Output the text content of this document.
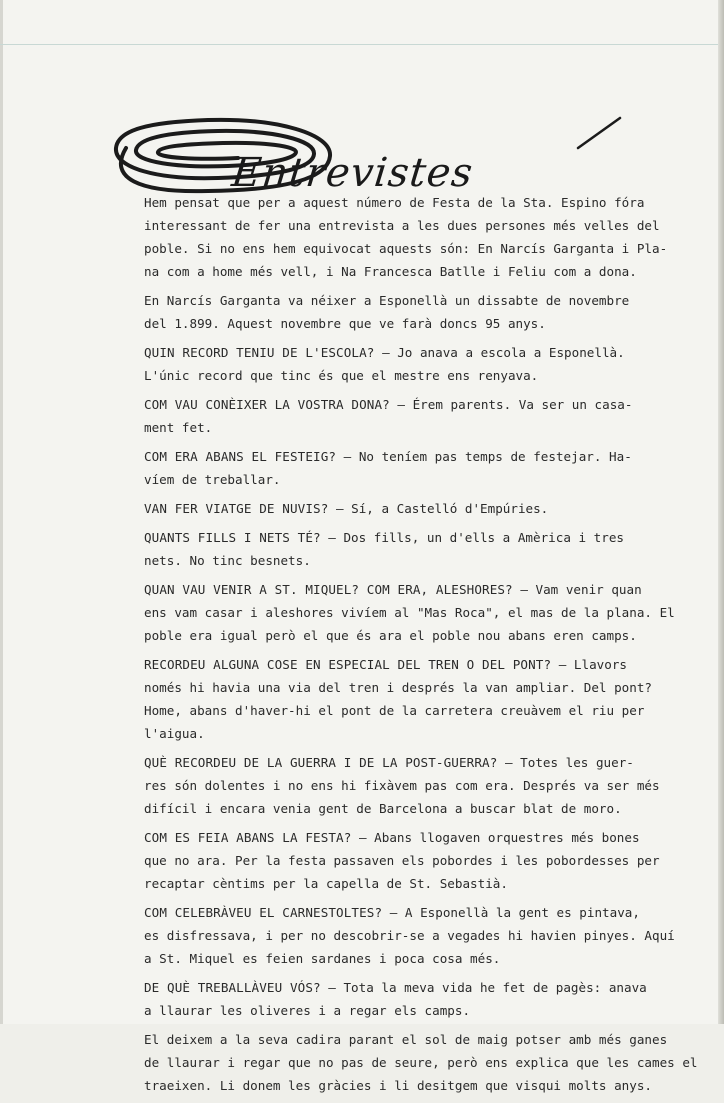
Entrevistes

Hem pensat que per a aquest número de Festa de la Sta. Espino fóra
interessant de fer una entrevista a les dues persones més velles del
poble. Si no ens hem equivocat aquests són: En Narcís Garganta i Pla-
na com a home més vell, i Na Francesca Batlle i Feliu com a dona.

En Narcís Garganta va néixer a Esponellà un dissabte de novembre
del 1.899. Aquest novembre que ve farà doncs 95 anys.

QUIN RECORD TENIU DE L'ESCOLA? — Jo anava a escola a Esponellà.
L'únic record que tinc és que el mestre ens renyava.

COM VAU CONÈIXER LA VOSTRA DONA? — Érem parents. Va ser un casa-
ment fet.

COM ERA ABANS EL FESTEIG? — No teníem pas temps de festejar. Ha-
víem de treballar.

VAN FER VIATGE DE NUVIS? — Sí, a Castelló d'Empúries.

QUANTS FILLS I NETS TÉ? — Dos fills, un d'ells a Amèrica i tres
nets. No tinc besnets.

QUAN VAU VENIR A ST. MIQUEL? COM ERA, ALESHORES? — Vam venir quan
ens vam casar i aleshores vivíem al "Mas Roca", el mas de la plana. El
poble era igual però el que és ara el poble nou abans eren camps.

RECORDEU ALGUNA COSE EN ESPECIAL DEL TREN O DEL PONT? — Llavors
només hi havia una via del tren i després la van ampliar. Del pont?
Home, abans d'haver-hi el pont de la carretera creuàvem el riu per
l'aigua.

QUÈ RECORDEU DE LA GUERRA I DE LA POST-GUERRA? — Totes les guer-
res són dolentes i no ens hi fixàvem pas com era. Després va ser més
difícil i encara venia gent de Barcelona a buscar blat de moro.

COM ES FEIA ABANS LA FESTA? — Abans llogaven orquestres més bones
que no ara. Per la festa passaven els pobordes i les pobordesses per
recaptar cèntims per la capella de St. Sebastià.

COM CELEBRÀVEU EL CARNESTOLTES? — A Esponellà la gent es pintava,
es disfressava, i per no descobrir-se a vegades hi havien pinyes. Aquí
a St. Miquel es feien sardanes i poca cosa més.

DE QUÈ TREBALLÀVEU VÓS? — Tota la meva vida he fet de pagès: anava
a llaurar les oliveres i a regar els camps.

El deixem a la seva cadira parant el sol de maig potser amb més ganes
de llaurar i regar que no pas de seure, però ens explica que les cames el
traeixen. Li donem les gràcies i li desitgem que visqui molts anys.
